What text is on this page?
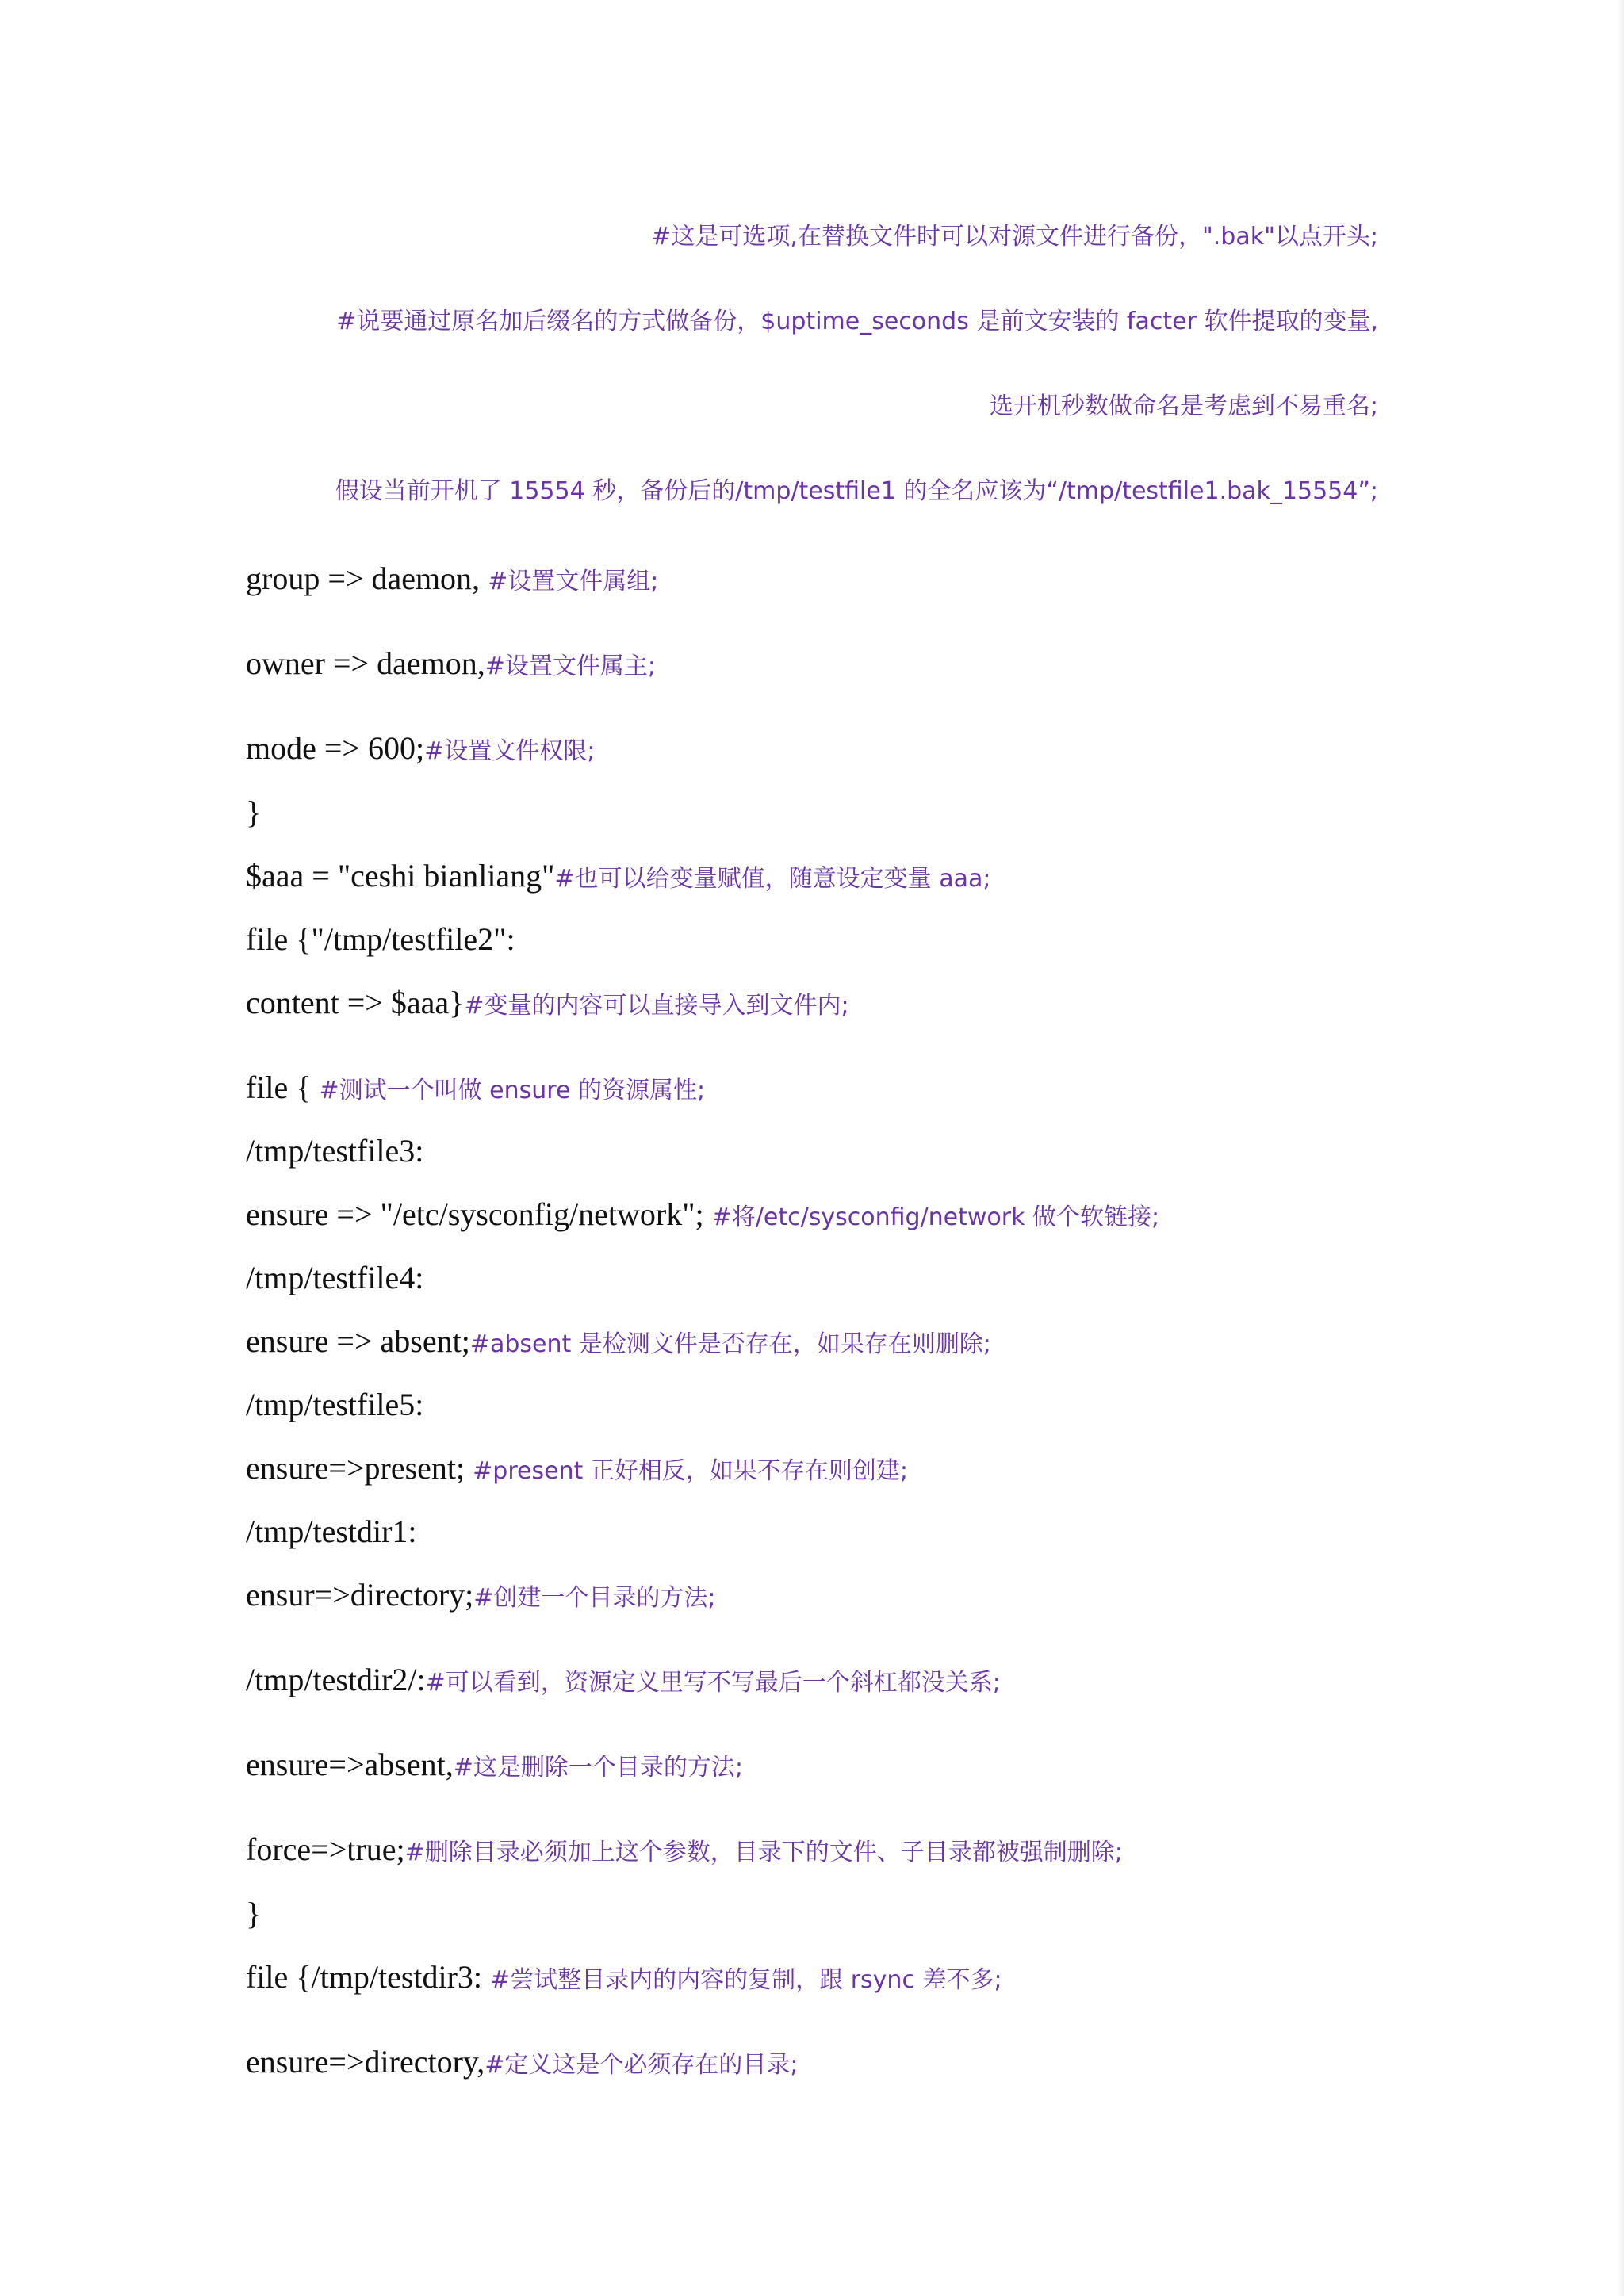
#这是可选项,在替换文件时可以对源文件进行备份，".bak"以点开头;
#说要通过原名加后缀名的方式做备份，$uptime_seconds 是前文安装的 facter 软件提取的变量,
选开机秒数做命名是考虑到不易重名;
假设当前开机了 15554 秒，备份后的/tmp/testfile1 的全名应该为“/tmp/testfile1.bak_15554”;
group => daemon, #设置文件属组;
owner => daemon,#设置文件属主;
mode => 600;#设置文件权限;
}
$aaa = "ceshi bianliang"#也可以给变量赋值，随意设定变量 aaa;
file {"/tmp/testfile2":
content => $aaa}#变量的内容可以直接导入到文件内;
file { #测试一个叫做 ensure 的资源属性;
/tmp/testfile3:
ensure => "/etc/sysconfig/network"; #将/etc/sysconfig/network 做个软链接;
/tmp/testfile4:
ensure => absent;#absent 是检测文件是否存在，如果存在则删除;
/tmp/testfile5:
ensure=>present; #present 正好相反，如果不存在则创建;
/tmp/testdir1:
ensur=>directory;#创建一个目录的方法;
/tmp/testdir2/:#可以看到，资源定义里写不写最后一个斜杠都没关系;
ensure=>absent,#这是删除一个目录的方法;
force=>true;#删除目录必须加上这个参数，目录下的文件、子目录都被强制删除;
}
file {/tmp/testdir3: #尝试整目录内的内容的复制，跟 rsync 差不多;
ensure=>directory,#定义这是个必须存在的目录;
